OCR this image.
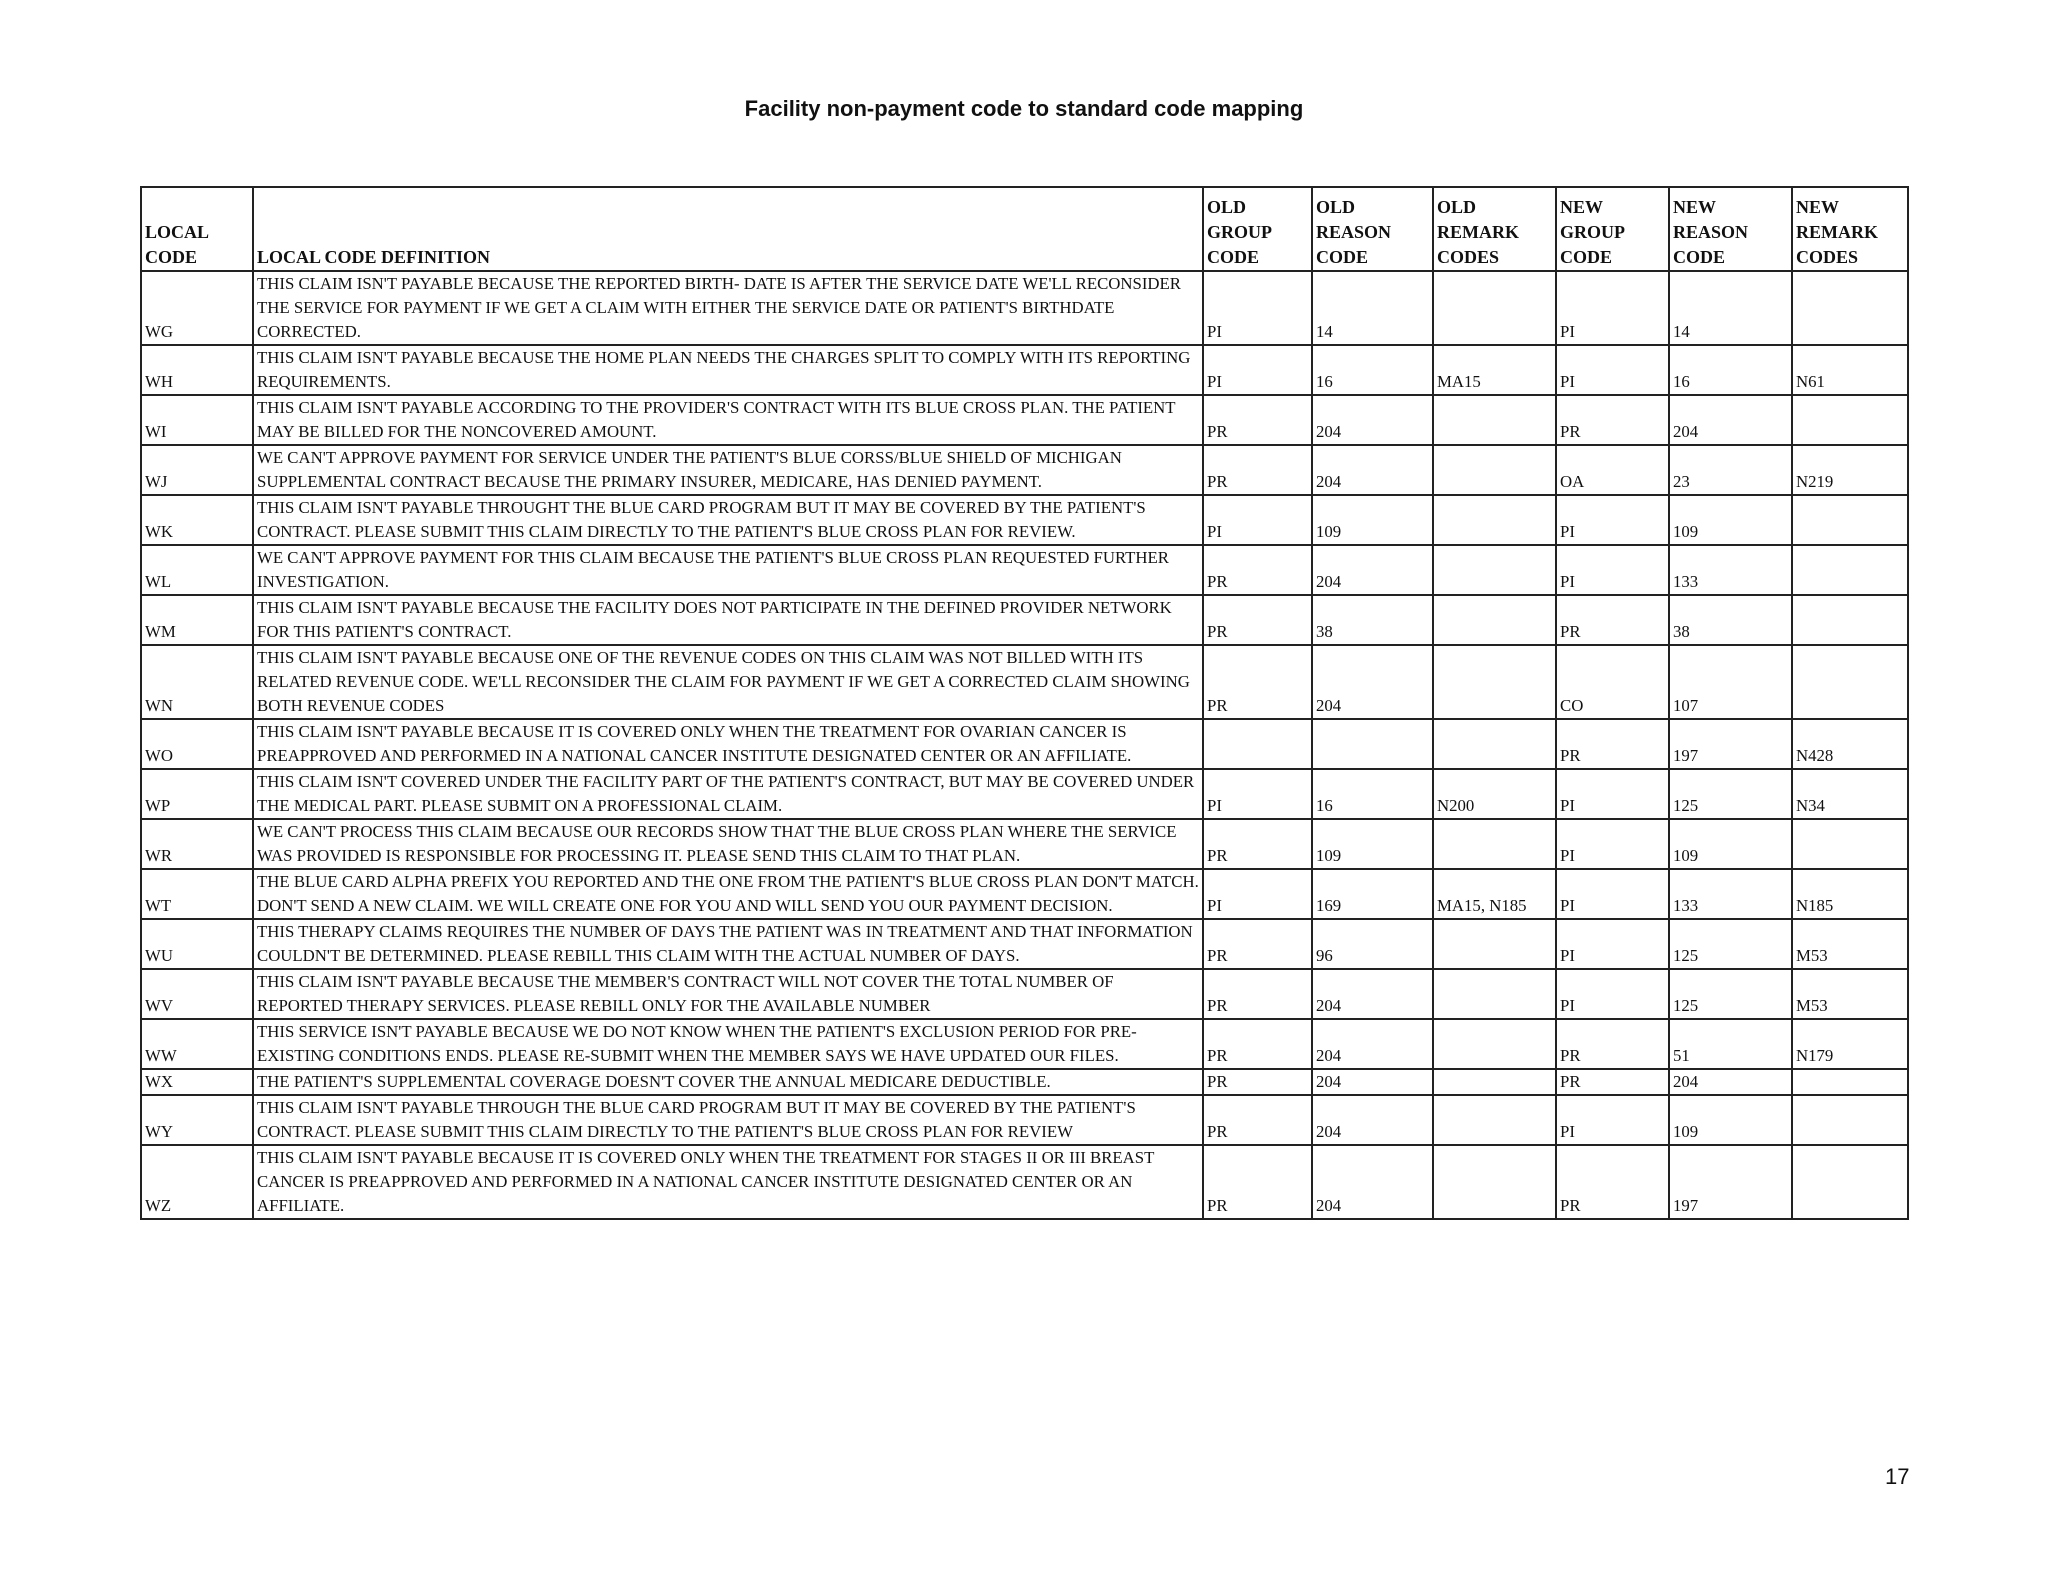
Facility non-payment code to standard code mapping
LOCAL
CODE	LOCAL CODE DEFINITION	OLD
GROUP
CODE	OLD
REASON
CODE	OLD
REMARK
CODES	NEW
GROUP
CODE	NEW
REASON
CODE	NEW
REMARK
CODES

WG	THIS CLAIM ISN'T PAYABLE BECAUSE THE REPORTED BIRTH- DATE IS AFTER THE SERVICE DATE WE'LL RECONSIDER THE SERVICE FOR PAYMENT IF WE GET A CLAIM WITH EITHER THE SERVICE DATE OR PATIENT'S BIRTHDATE CORRECTED.	PI	14		PI	14	
WH	THIS CLAIM ISN'T PAYABLE BECAUSE THE HOME PLAN NEEDS THE CHARGES SPLIT TO COMPLY WITH ITS REPORTING REQUIREMENTS.	PI	16	MA15	PI	16	N61
WI	THIS CLAIM ISN'T PAYABLE ACCORDING TO THE PROVIDER'S CONTRACT WITH ITS BLUE CROSS PLAN. THE PATIENT MAY BE BILLED FOR THE NONCOVERED AMOUNT.	PR	204		PR	204	
WJ	WE CAN'T APPROVE PAYMENT FOR SERVICE UNDER THE PATIENT'S BLUE CORSS/BLUE SHIELD OF MICHIGAN SUPPLEMENTAL CONTRACT BECAUSE THE PRIMARY INSURER, MEDICARE, HAS DENIED PAYMENT.	PR	204		OA	23	N219
WK	THIS CLAIM ISN'T PAYABLE THROUGHT THE BLUE CARD PROGRAM BUT IT MAY BE COVERED BY THE PATIENT'S CONTRACT. PLEASE SUBMIT THIS CLAIM DIRECTLY TO THE PATIENT'S BLUE CROSS PLAN FOR REVIEW.	PI	109		PI	109	
WL	WE CAN'T APPROVE PAYMENT FOR THIS CLAIM BECAUSE THE PATIENT'S BLUE CROSS PLAN REQUESTED FURTHER INVESTIGATION.	PR	204		PI	133	
WM	THIS CLAIM ISN'T PAYABLE BECAUSE THE FACILITY DOES NOT PARTICIPATE IN THE DEFINED PROVIDER NETWORK FOR THIS PATIENT'S CONTRACT.	PR	38		PR	38	
WN	THIS CLAIM ISN'T PAYABLE BECAUSE ONE OF THE REVENUE CODES ON THIS CLAIM WAS NOT BILLED WITH ITS RELATED REVENUE CODE. WE'LL RECONSIDER THE CLAIM FOR PAYMENT IF WE GET A CORRECTED CLAIM SHOWING BOTH REVENUE CODES	PR	204		CO	107	
WO	THIS CLAIM ISN'T PAYABLE BECAUSE IT IS COVERED ONLY WHEN THE TREATMENT FOR OVARIAN CANCER IS PREAPPROVED AND PERFORMED IN A NATIONAL CANCER INSTITUTE DESIGNATED CENTER OR AN AFFILIATE.				PR	197	N428
WP	THIS CLAIM ISN'T COVERED UNDER THE FACILITY PART OF THE PATIENT'S CONTRACT, BUT MAY BE COVERED UNDER THE MEDICAL PART. PLEASE SUBMIT ON A PROFESSIONAL CLAIM.	PI	16	N200	PI	125	N34
WR	WE CAN'T PROCESS THIS CLAIM BECAUSE OUR RECORDS SHOW THAT THE BLUE CROSS PLAN WHERE THE SERVICE WAS PROVIDED IS RESPONSIBLE FOR PROCESSING IT. PLEASE SEND THIS CLAIM TO THAT PLAN.	PR	109		PI	109	
WT	THE BLUE CARD ALPHA PREFIX YOU REPORTED AND THE ONE FROM THE PATIENT'S BLUE CROSS PLAN DON'T MATCH. DON'T SEND A NEW CLAIM. WE WILL CREATE ONE FOR YOU AND WILL SEND YOU OUR PAYMENT DECISION.	PI	169	MA15, N185	PI	133	N185
WU	THIS THERAPY CLAIMS REQUIRES THE NUMBER OF DAYS THE PATIENT WAS IN TREATMENT AND THAT INFORMATION COULDN'T BE DETERMINED. PLEASE REBILL THIS CLAIM WITH THE ACTUAL NUMBER OF DAYS.	PR	96		PI	125	M53
WV	THIS CLAIM ISN'T PAYABLE BECAUSE THE MEMBER'S CONTRACT WILL NOT COVER THE TOTAL NUMBER OF REPORTED THERAPY SERVICES. PLEASE REBILL ONLY FOR THE AVAILABLE NUMBER	PR	204		PI	125	M53
WW	THIS SERVICE ISN'T PAYABLE BECAUSE WE DO NOT KNOW WHEN THE PATIENT'S EXCLUSION PERIOD FOR PRE-EXISTING CONDITIONS ENDS. PLEASE RE-SUBMIT WHEN THE MEMBER SAYS WE HAVE UPDATED OUR FILES.	PR	204		PR	51	N179
WX	THE PATIENT'S SUPPLEMENTAL COVERAGE DOESN'T COVER THE ANNUAL MEDICARE DEDUCTIBLE.	PR	204		PR	204	
WY	THIS CLAIM ISN'T PAYABLE THROUGH THE BLUE CARD PROGRAM BUT IT MAY BE COVERED BY THE PATIENT'S CONTRACT. PLEASE SUBMIT THIS CLAIM DIRECTLY TO THE PATIENT'S BLUE CROSS PLAN FOR REVIEW	PR	204		PI	109	
WZ	THIS CLAIM ISN'T PAYABLE BECAUSE IT IS COVERED ONLY WHEN THE TREATMENT FOR STAGES II OR III BREAST CANCER IS PREAPPROVED AND PERFORMED IN A NATIONAL CANCER INSTITUTE DESIGNATED CENTER OR AN AFFILIATE.	PR	204		PR	197	
17
